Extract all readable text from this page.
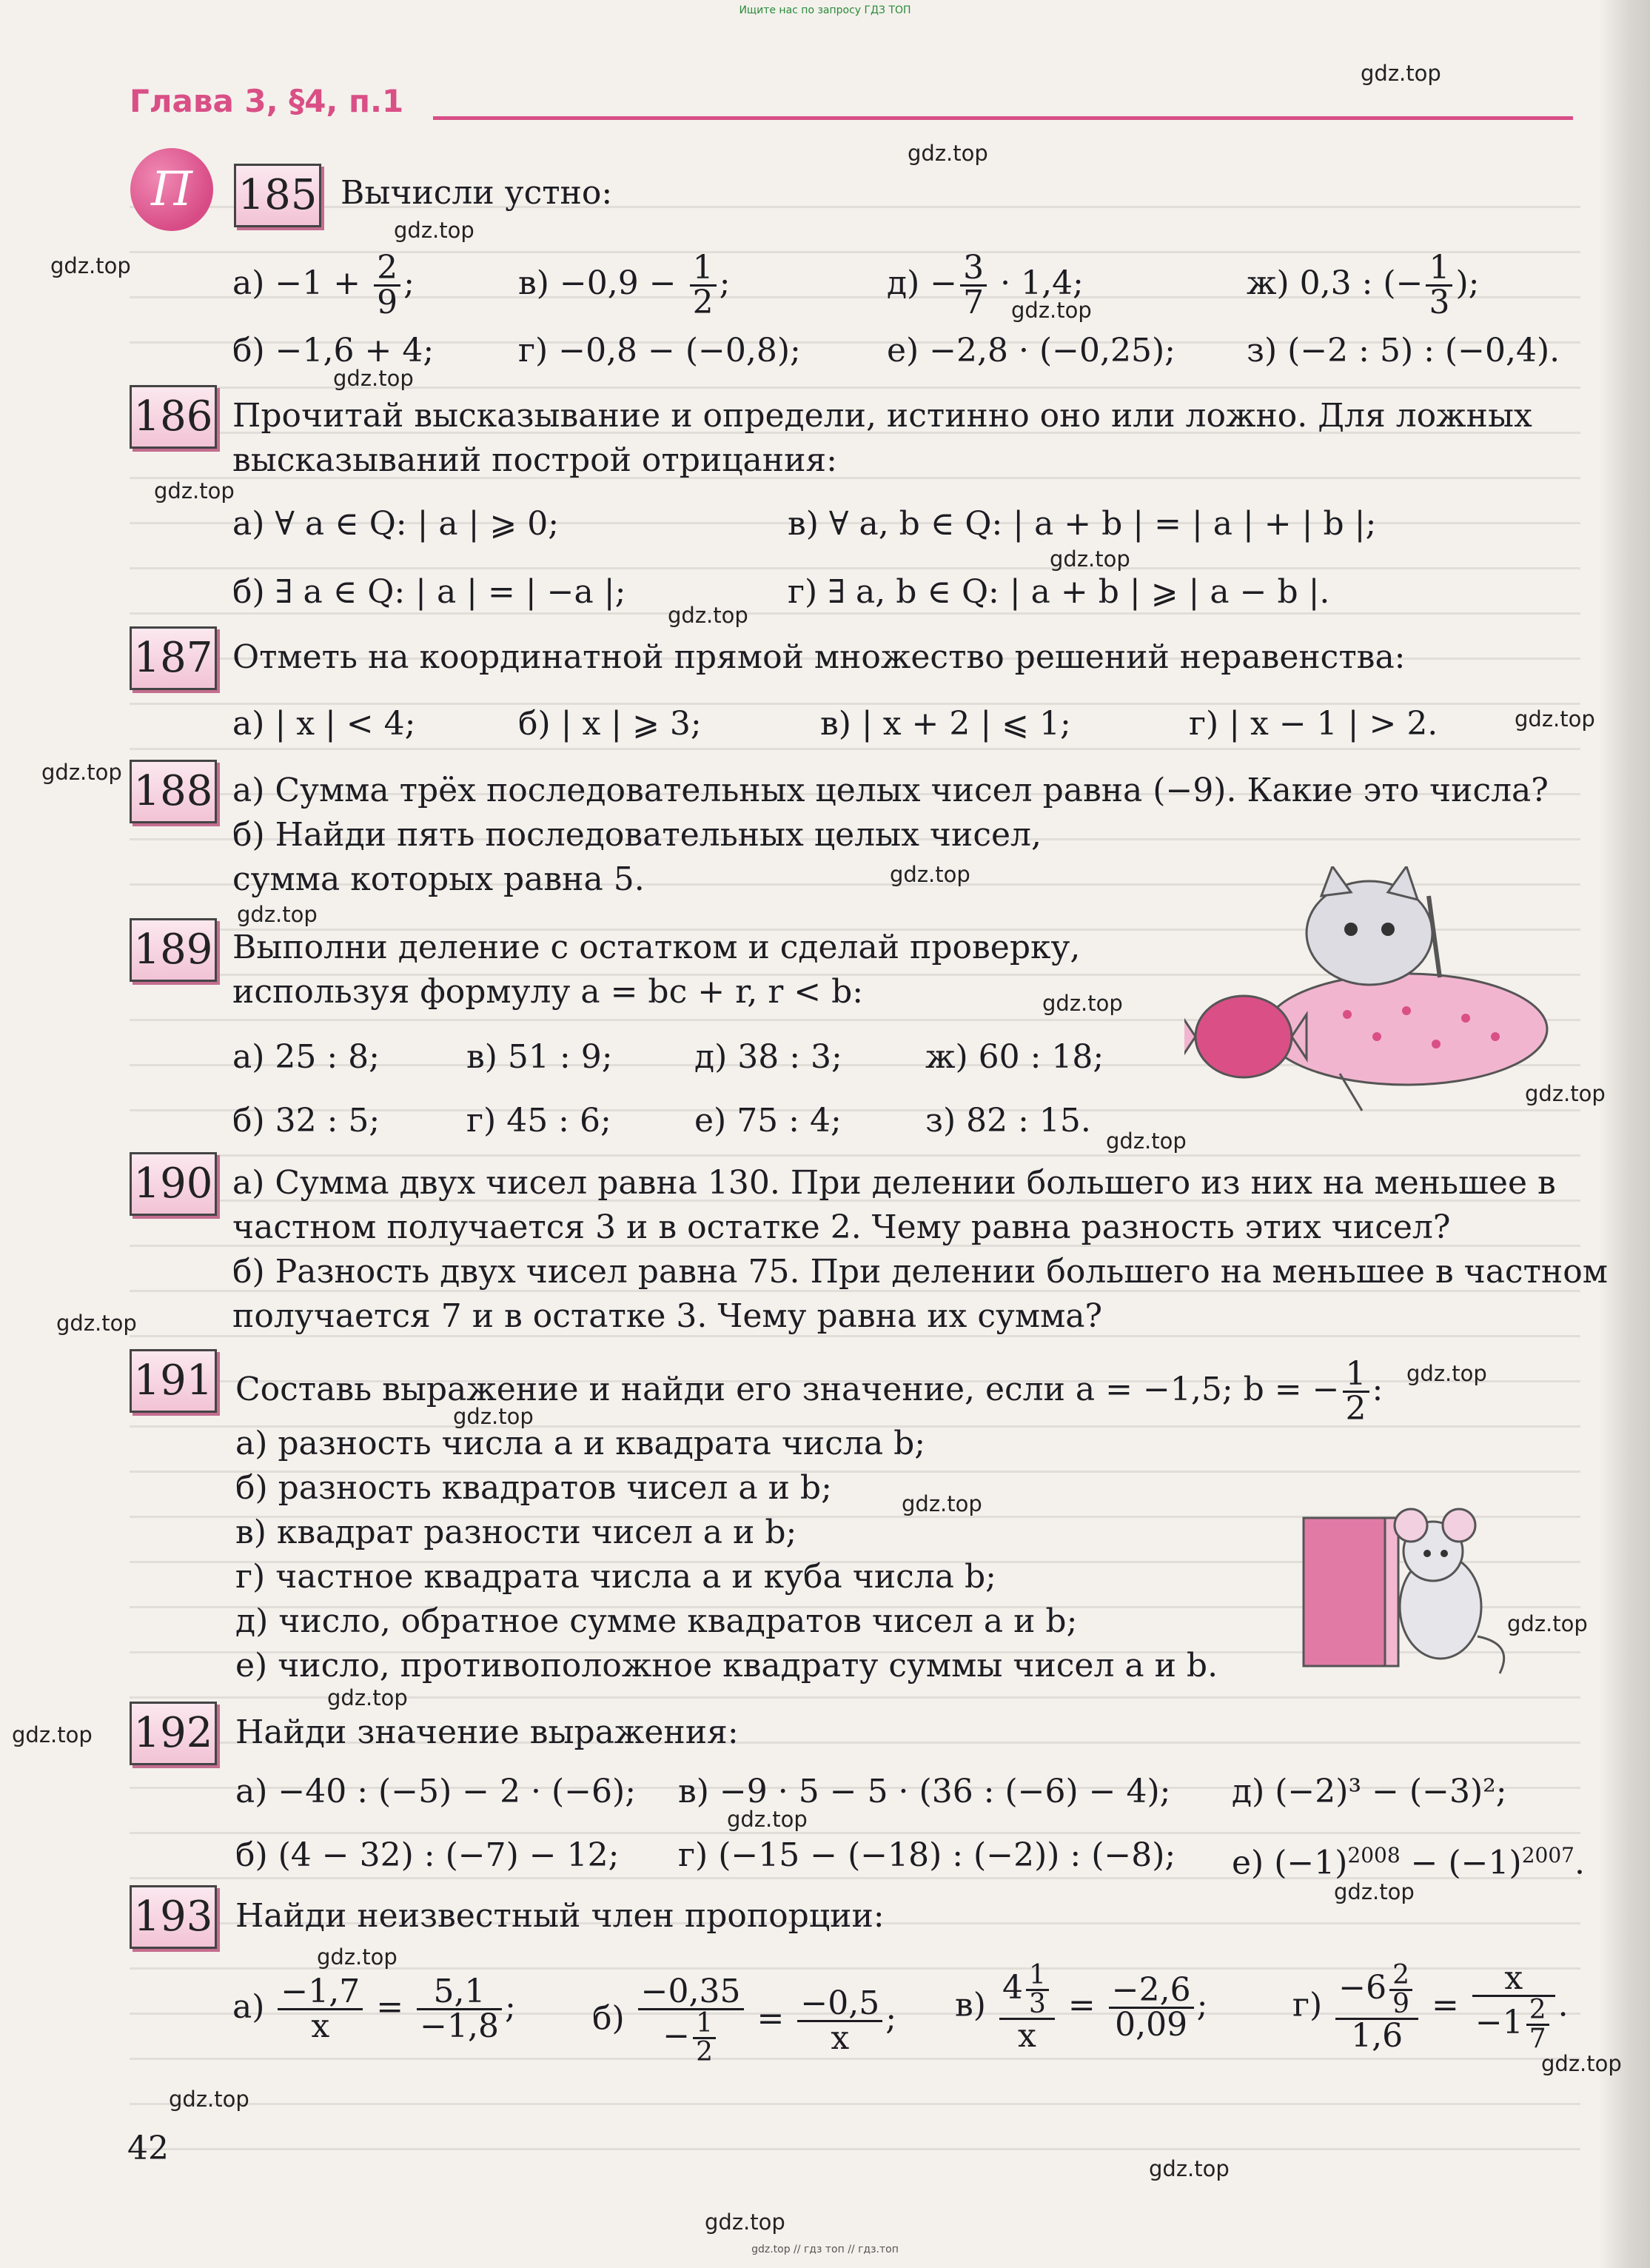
Ищите нас по запросу ГДЗ ТОП
Глава 3, §4, п.1
П	185 Вычисли устно:
$а) -1 + \frac{2}{9}$ ;	$в) -0,9 - \frac{1}{2}$ ;	$д) - \frac{3}{7} \cdot 1,4$;	ж) 0,3 : (− $\frac{1}{3}$ );
б) −1,6 + 4;	г) −0,8 − (−0,8);	е) −2,8 · (−0,25); з) (−2 : 5) : (−0,4).
186 Прочитай высказывание и определи, истинно оно или ложно. Для ложных
высказываний построй отрицания:
а) ∀ a ∈ Q: | a | ⩾ 0;	в) ∀ a, b ∈ Q: | a + b | = | a | + | b |;
б) ∃ a ∈ Q: | a | = | −a |;	г) ∃ a, b ∈ Q: | a + b | ⩾ | a − b |.
187 Отметь на координатной прямой множество решений неравенства:
а) | x | < 4;	б) | x | ⩾ 3;	в) | x + 2 | ⩽ 1;	г) | x − 1 | > 2.
188 а) Сумма трёх последовательных целых чисел равна (−9). Какие это числа?
б) Найди пять последовательных целых чисел,
сумма которых равна 5.
189 Выполни деление с остатком и сделай проверку,
используя формулу a = bc + r, r < b:
а) 25 : 8;	в) 51 : 9;	д) 38 : 3;	ж) 60 : 18;
б) 32 : 5;	г) 45 : 6;	е) 75 : 4;	з) 82 : 15.
190 а) Сумма двух чисел равна 130. При делении большего из них на меньшее в
частном получается 3 и в остатке 2. Чему равна разность этих чисел?
б) Разность двух чисел равна 75. При делении большего на меньшее в частном
получается 7 и в остатке 3. Чему равна их сумма?
191 Составь выражение и найди его значение, если a = −1,5; b = − $\frac{1}{2}$ :
а) разность числа a и квадрата числа b;
б) разность квадратов чисел a и b;
в) квадрат разности чисел a и b;
г) частное квадрата числа a и куба числа b;
д) число, обратное сумме квадратов чисел a и b;
е) число, противоположное квадрату суммы чисел a и b.
192 Найди значение выражения:
а) −40 : (−5) − 2 · (−6); в) −9 · 5 − 5 · (36 : (−6) − 4); д) (−2)³ − (−3)²;
б) (4 − 32) : (−7) − 12; г) (−15 − (−18) : (−2)) : (−8); е) $(-1)^{2008} - (-1)^{2007}$.
193 Найди неизвестный член пропорции:
$а) \frac{-1,7}{x} = \frac{5,1}{-1,8}$ ; $б) \frac{-0,35}{- \frac{1}{2}} = \frac{-0,5}{x}$ ; $в) \frac{4 \frac{1}{3}}{x} = \frac{-2,6}{0,09}$ ;	$г) \frac{-6 \frac{2}{9}}{1,6} = \frac{x}{-1 \frac{2}{7}}$ .
42
gdz.top
gdz.top
gdz.top
gdz.top
gdz.top
gdz.top
gdz.top
gdz.top
gdz.top
gdz.top
gdz.top
gdz.top
gdz.top
gdz.top
gdz.top
gdz.top
gdz.top
gdz.top
gdz.top
gdz.top
gdz.top
gdz.top
gdz.top
gdz.top
gdz.top
gdz.top
gdz.top
gdz.top
gdz.top
gdz.top
gdz.top // гдз топ // гдз.топ
